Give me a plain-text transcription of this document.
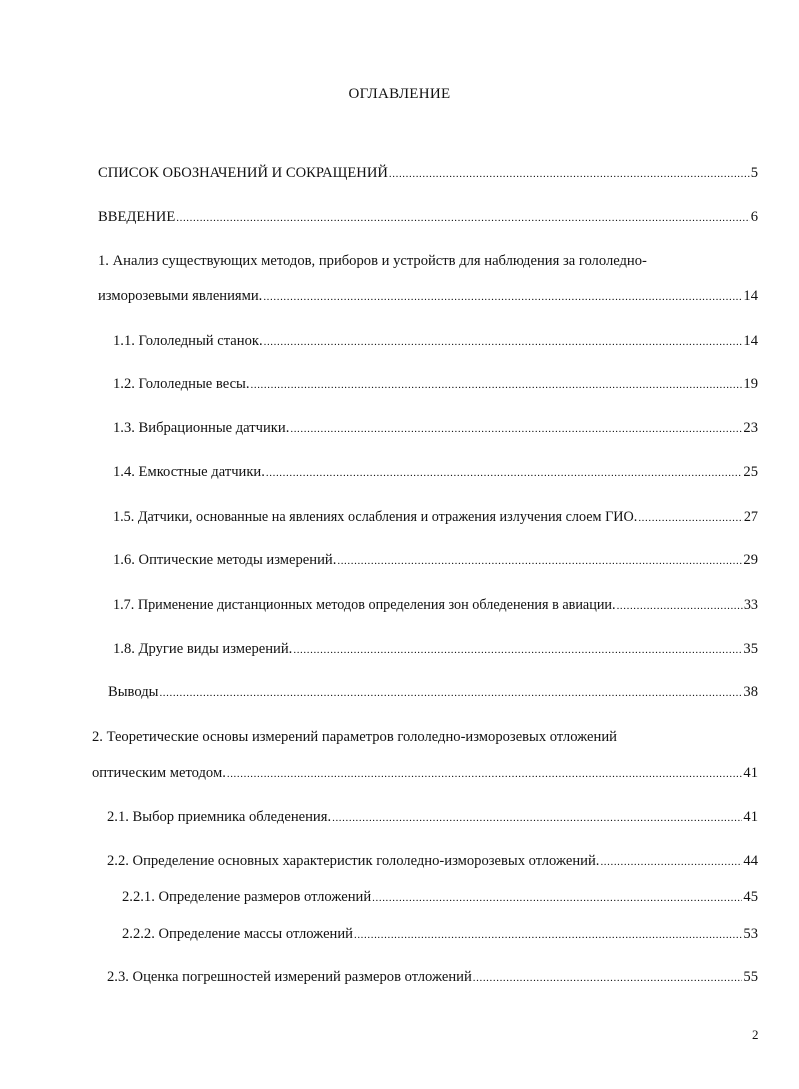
ОГЛАВЛЕНИЕ
СПИСОК ОБОЗНАЧЕНИЙ И СОКРАЩЕНИЙ .....	5
ВВЕДЕНИЕ .....	6
1. Анализ существующих методов, приборов и устройств для наблюдения за гололедно-
изморозевыми явлениями. .....	14
1.1. Гололедный станок. .....	14
1.2. Гололедные весы. .....	19
1.3. Вибрационные датчики. .....	23
1.4. Емкостные датчики. .....	25
1.5. Датчики, основанные на явлениях ослабления и отражения излучения слоем ГИО. .....	27
1.6. Оптические методы измерений. .....	29
1.7. Применение дистанционных методов определения зон обледенения в авиации. .....	33
1.8. Другие виды измерений. .....	35
Выводы .....	38
2. Теоретические основы измерений параметров гололедно-изморозевых отложений
оптическим методом. .....	41
2.1. Выбор приемника обледенения. .....	41
2.2. Определение основных характеристик гололедно-изморозевых отложений. .....	44
2.2.1. Определение размеров отложений .....	45
2.2.2. Определение массы отложений .....	53
2.3. Оценка погрешностей измерений размеров отложений .....	55
2
